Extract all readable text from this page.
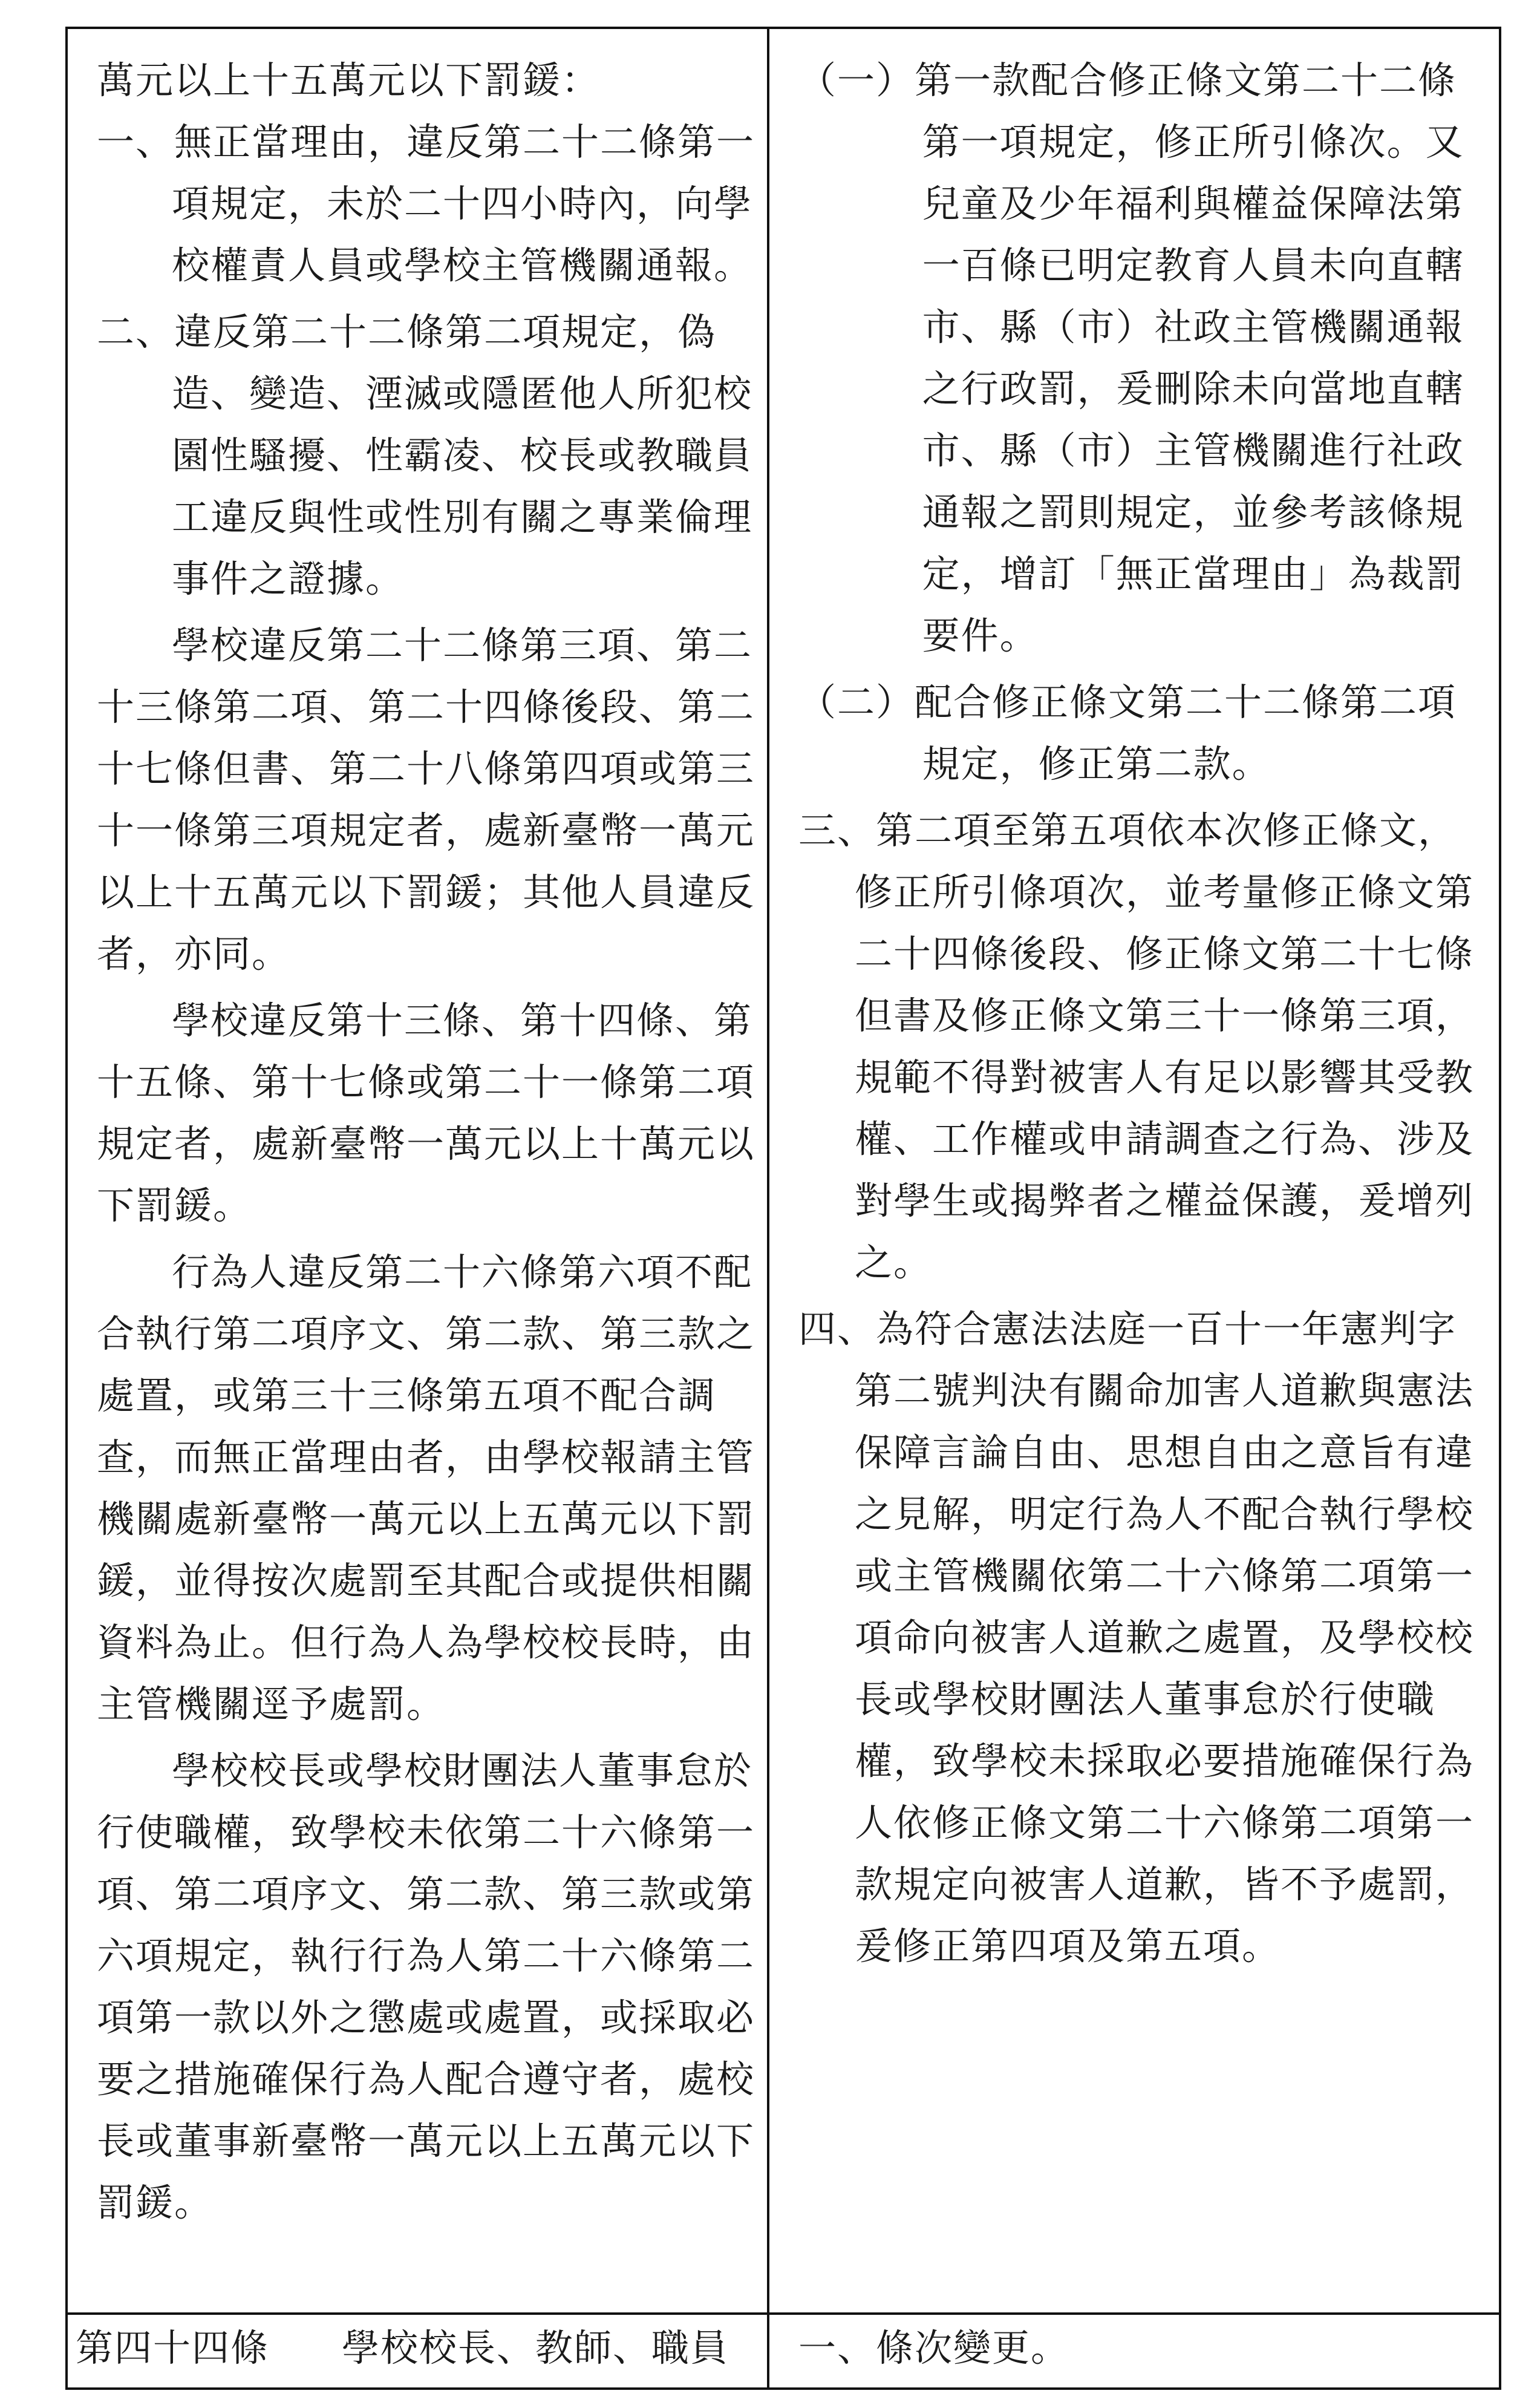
萬元以上十五萬元以下罰鍰：

一、無正當理由，違反第二十二條第一項規定，未於二十四小時內，向學校權責人員或學校主管機關通報。

二、違反第二十二條第二項規定，偽造、變造、湮滅或隱匿他人所犯校園性騷擾、性霸凌、校長或教職員工違反與性或性別有關之專業倫理事件之證據。

學校違反第二十二條第三項、第二十三條第二項、第二十四條後段、第二十七條但書、第二十八條第四項或第三十一條第三項規定者，處新臺幣一萬元以上十五萬元以下罰鍰；其他人員違反者，亦同。

學校違反第十三條、第十四條、第十五條、第十七條或第二十一條第二項規定者，處新臺幣一萬元以上十萬元以下罰鍰。

行為人違反第二十六條第六項不配合執行第二項序文、第二款、第三款之處置，或第三十三條第五項不配合調查，而無正當理由者，由學校報請主管機關處新臺幣一萬元以上五萬元以下罰鍰，並得按次處罰至其配合或提供相關資料為止。但行為人為學校校長時，由主管機關逕予處罰。

學校校長或學校財團法人董事怠於行使職權，致學校未依第二十六條第一項、第二項序文、第二款、第三款或第六項規定，執行行為人第二十六條第二項第一款以外之懲處或處置，或採取必要之措施確保行為人配合遵守者，處校長或董事新臺幣一萬元以上五萬元以下罰鍰。

（一）第一款配合修正條文第二十二條第一項規定，修正所引條次。又兒童及少年福利與權益保障法第一百條已明定教育人員未向直轄市、縣（市）社政主管機關通報之行政罰，爰刪除未向當地直轄市、縣（市）主管機關進行社政通報之罰則規定，並參考該條規定，增訂「無正當理由」為裁罰要件。

（二）配合修正條文第二十二條第二項規定，修正第二款。

三、第二項至第五項依本次修正條文，修正所引條項次，並考量修正條文第二十四條後段、修正條文第二十七條但書及修正條文第三十一條第三項，規範不得對被害人有足以影響其受教權、工作權或申請調查之行為、涉及對學生或揭弊者之權益保護，爰增列之。

四、為符合憲法法庭一百十一年憲判字第二號判決有關命加害人道歉與憲法保障言論自由、思想自由之意旨有違之見解，明定行為人不配合執行學校或主管機關依第二十六條第二項第一項命向被害人道歉之處置，及學校校長或學校財團法人董事怠於行使職權，致學校未採取必要措施確保行為人依修正條文第二十六條第二項第一款規定向被害人道歉，皆不予處罰，爰修正第四項及第五項。

第四十四條 學校校長、教師、職員	一、條次變更。
